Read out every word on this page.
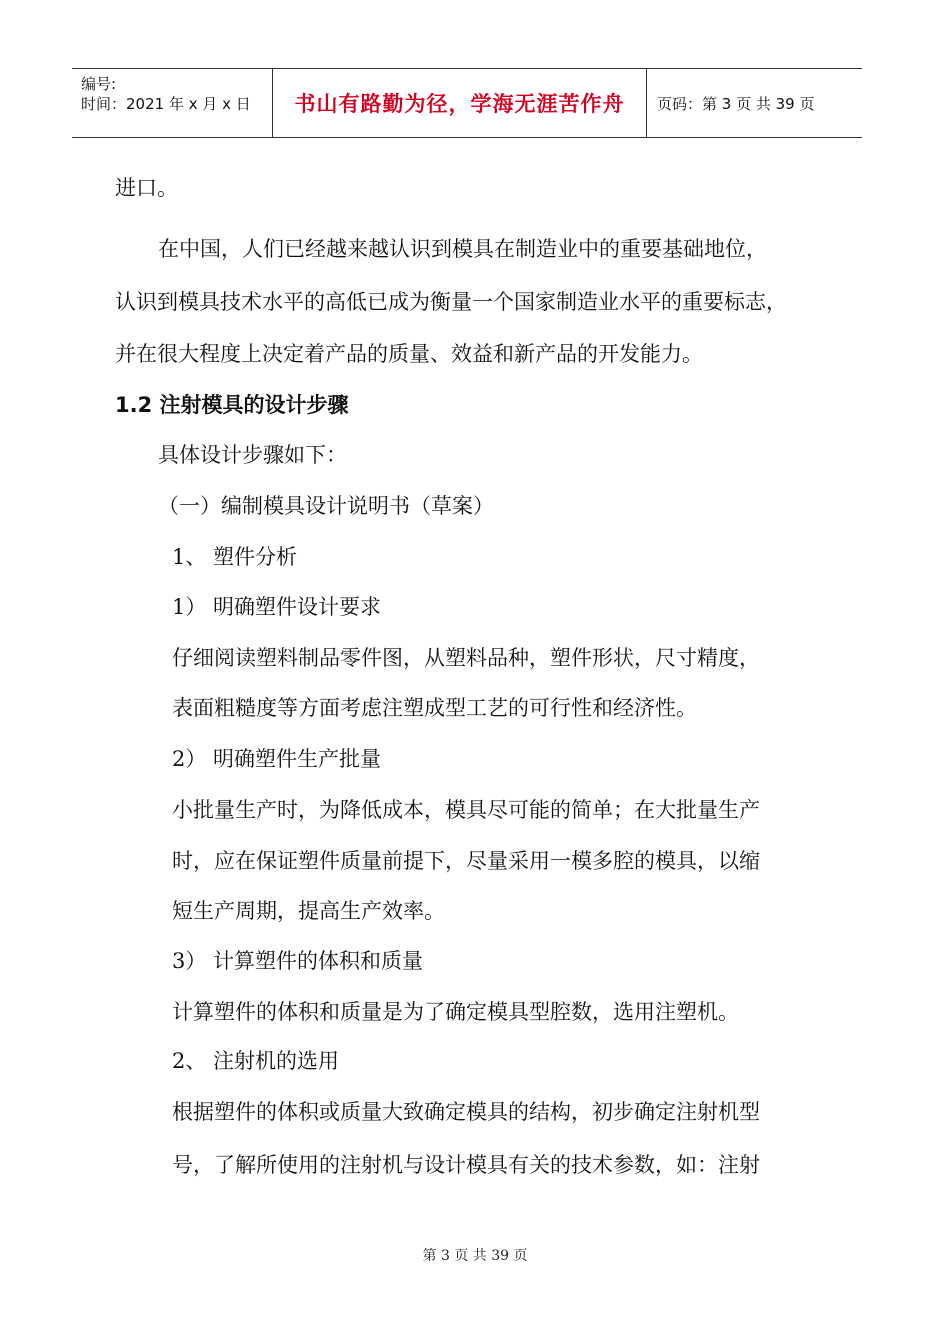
编号:
时间：2021 年 x 月 x 日 书山有路勤为径，学海无涯苦作舟 页码：第 3 页 共 39 页
进口。
在中国，人们已经越来越认识到模具在制造业中的重要基础地位，
认识到模具技术水平的高低已成为衡量一个国家制造业水平的重要标志，
并在很大程度上决定着产品的质量、效益和新产品的开发能力。
1.2 注射模具的设计步骤
具体设计步骤如下：
（一）编制模具设计说明书（草案）
1、 塑件分析
1） 明确塑件设计要求
仔细阅读塑料制品零件图，从塑料品种，塑件形状，尺寸精度，
表面粗糙度等方面考虑注塑成型工艺的可行性和经济性。
2） 明确塑件生产批量
小批量生产时，为降低成本，模具尽可能的简单；在大批量生产
时，应在保证塑件质量前提下，尽量采用一模多腔的模具，以缩
短生产周期，提高生产效率。
3） 计算塑件的体积和质量
计算塑件的体积和质量是为了确定模具型腔数，选用注塑机。
2、 注射机的选用
根据塑件的体积或质量大致确定模具的结构，初步确定注射机型
号，了解所使用的注射机与设计模具有关的技术参数，如：注射
第 3 页 共 39 页
